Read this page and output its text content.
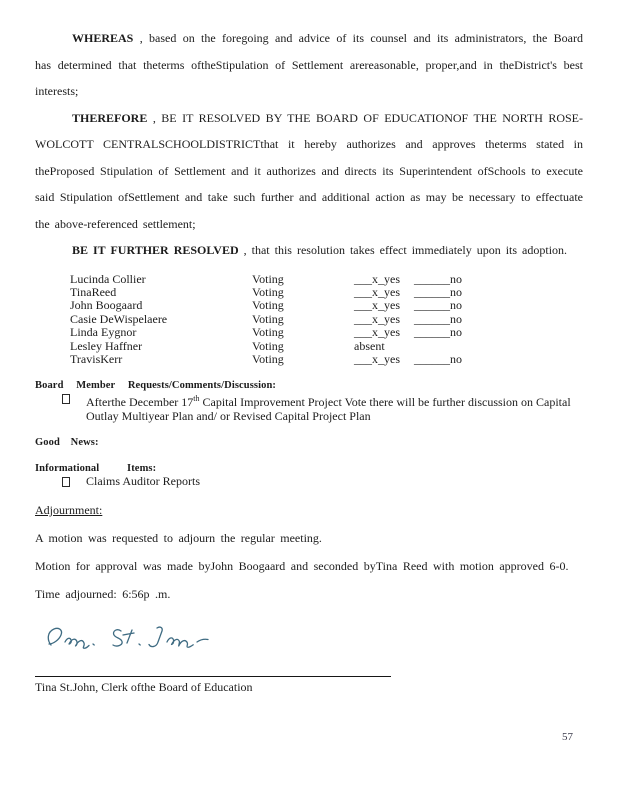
WHEREAS , based on the foregoing and advice of its counsel and its administrators, the Board has determined that theterms oftheStipulation of Settlement arereasonable, proper,and in theDistrict's best interests;

THEREFORE , BE IT RESOLVED BY THE BOARD OF EDUCATIONOF THE NORTH ROSE-WOLCOTT CENTRALSCHOOLDISTRICTthat it hereby authorizes and approves theterms stated in theProposed Stipulation of Settlement and it authorizes and directs its Superintendent ofSchools to execute said Stipulation ofSettlement and take such further and additional action as may be necessary to effectuate the above-referenced settlement;

BE IT FURTHER RESOLVED , that this resolution takes effect immediately upon its adoption.

Lucinda Collier	Voting	___x_yes ______no
TinaReed	Voting	___x_yes ______no
John Boogaard	Voting	___x_yes ______no
Casie DeWispelaere	Voting	___x_yes ______no
Linda Eygnor	Voting	___x_yes ______no
Lesley Haffner	Voting	absent
TravisKerr	Voting	___x_yes ______no

Board Member Requests/Comments/Discussion:

Afterthe December 17th Capital Improvement Project Vote there will be further discussion on Capital Outlay Multiyear Plan and/ or Revised Capital Project Plan

Good News:

Informational Items:

Claims Auditor Reports

Adjournment:

A motion was requested to adjourn the regular meeting.

Motion for approval was made byJohn Boogaard and seconded byTina Reed with motion approved 6-0.

Time adjourned: 6:56p .m.

Tina St.John, Clerk ofthe Board of Education

57
